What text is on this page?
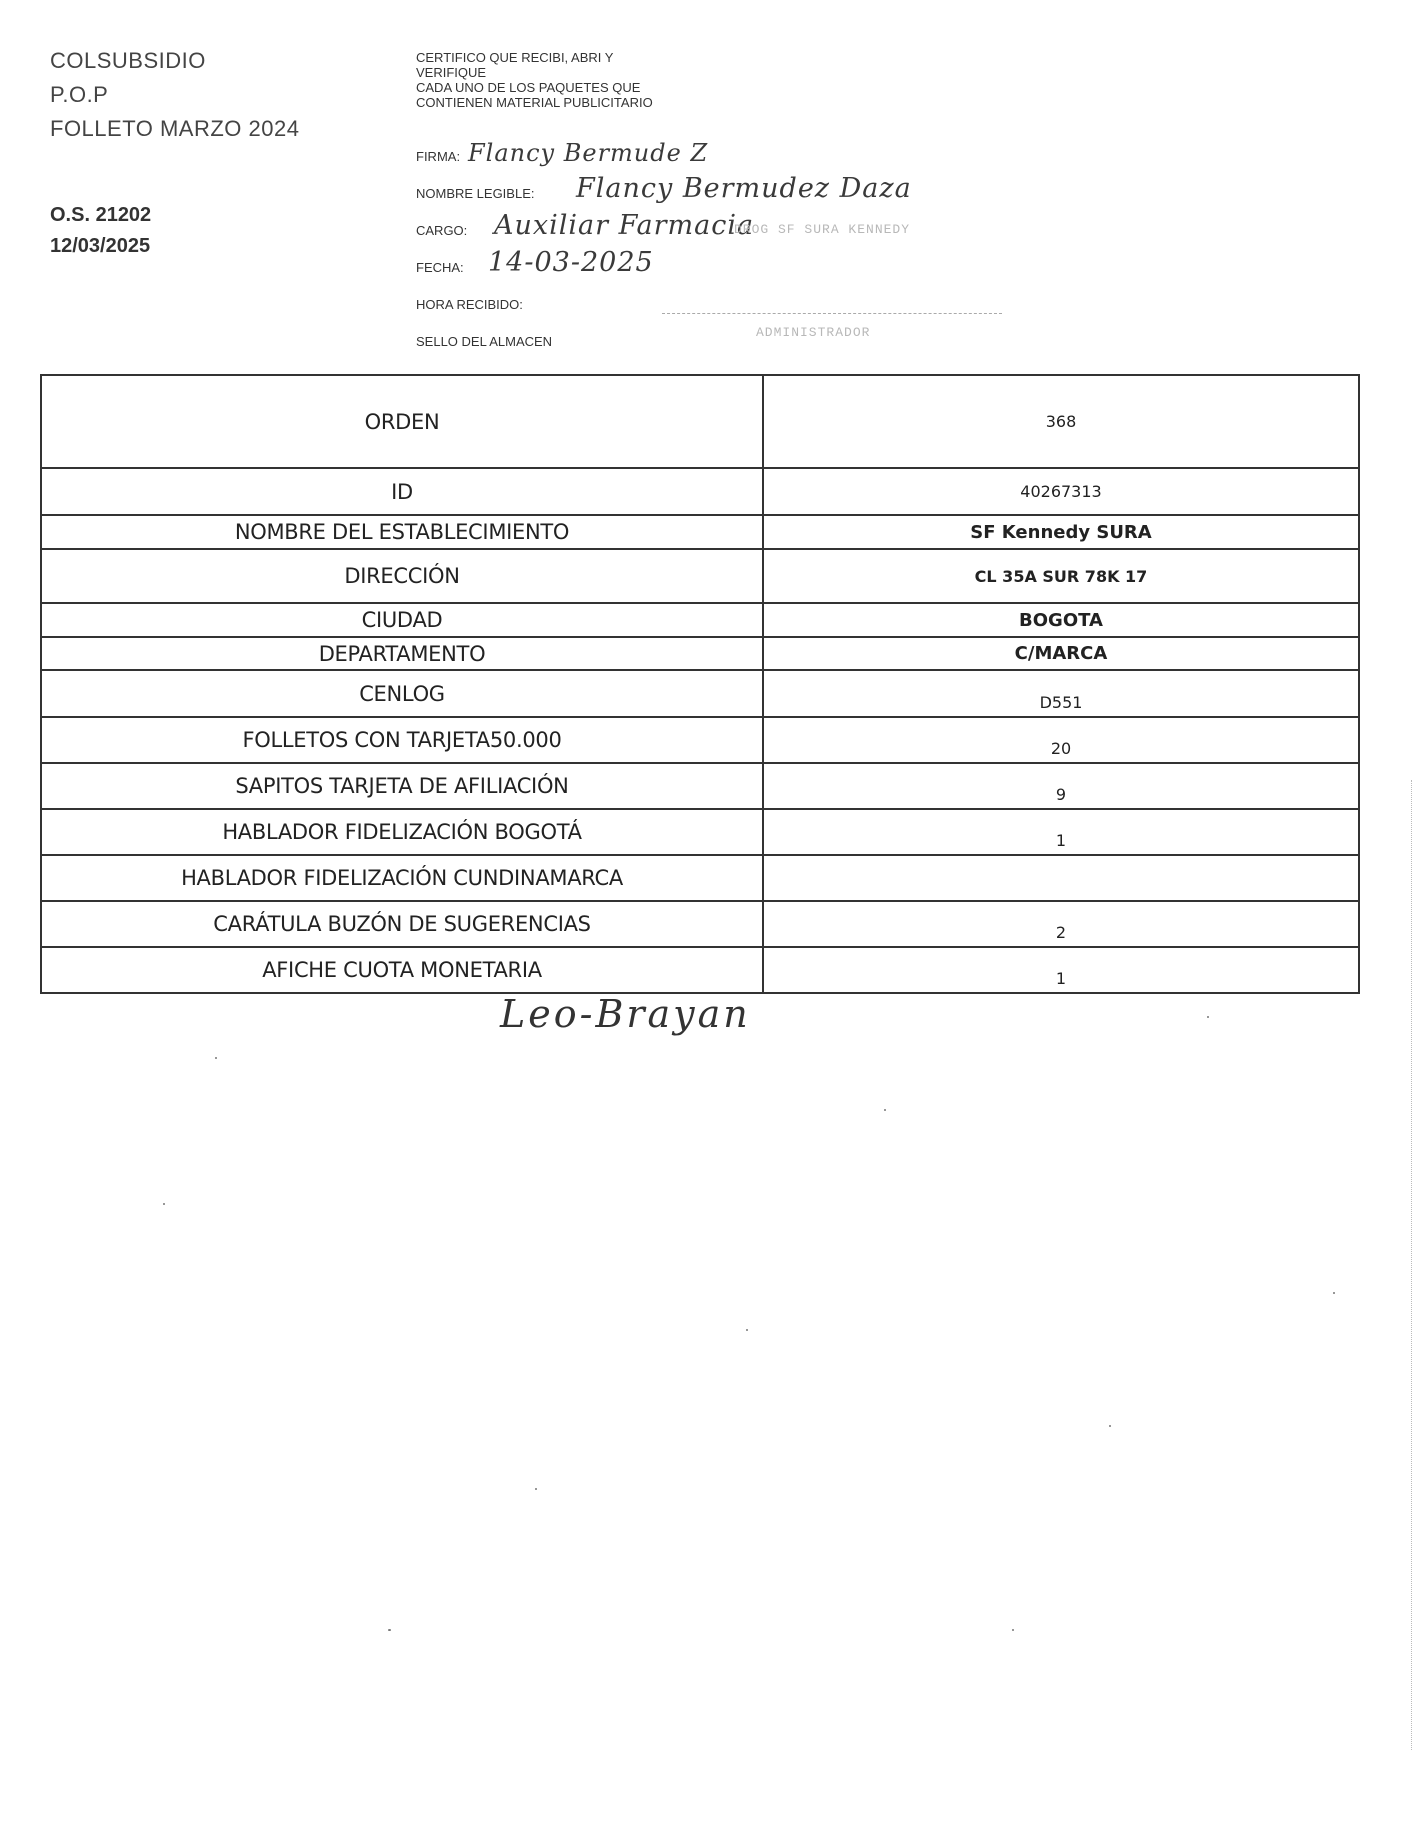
COLSUBSIDIO
P.O.P
FOLLETO MARZO 2024
O.S. 21202
12/03/2025
CERTIFICO QUE RECIBI, ABRI Y
VERIFIQUE
CADA UNO DE LOS PAQUETES QUE
CONTIENEN MATERIAL PUBLICITARIO
FIRMA: Flancy Bermude Z
NOMBRE LEGIBLE: Flancy Bermudez Daza
CARGO: Auxiliar Farmacia
DROG SF SURA KENNEDY
FECHA: 14-03-2025
HORA RECIBIDO:
SELLO DEL ALMACEN
ADMINISTRADOR
ORDEN	368
ID	40267313
NOMBRE DEL ESTABLECIMIENTO	SF Kennedy SURA
DIRECCIÓN	CL 35A SUR 78K 17
CIUDAD	BOGOTA
DEPARTAMENTO	C/MARCA
CENLOG	D551
FOLLETOS CON TARJETA50.000	20
SAPITOS TARJETA DE AFILIACIÓN	9
HABLADOR FIDELIZACIÓN BOGOTÁ	1
HABLADOR FIDELIZACIÓN CUNDINAMARCA	
CARÁTULA BUZÓN DE SUGERENCIAS	2
AFICHE CUOTA MONETARIA	1
Leo-Brayan
